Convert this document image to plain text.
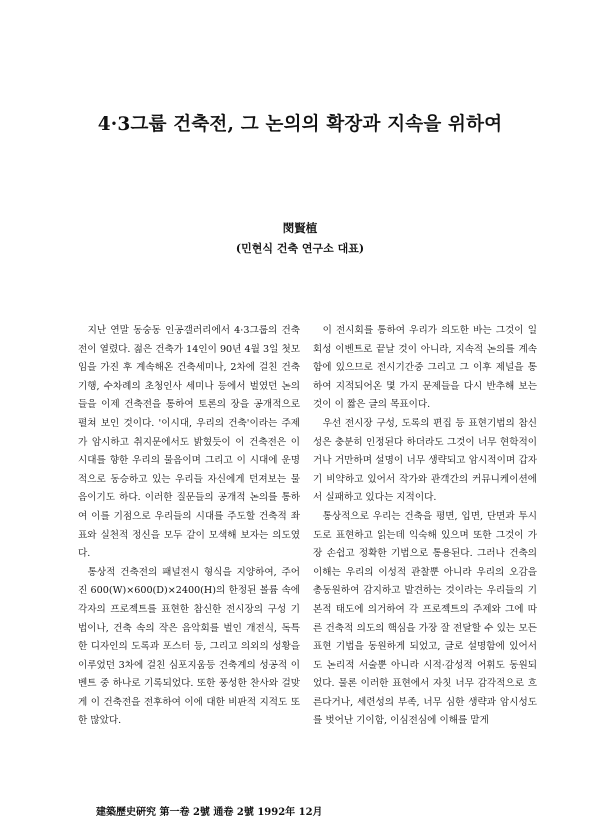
4·3그룹 건축전, 그 논의의 확장과 지속을 위하여
閔賢植
(민현식 건축 연구소 대표)

지난 연말 동숭동 인공갤러리에서 4·3그룹의 건축전이 열렸다. 젊은 건축가 14인이 90년 4월 3일 첫모임을 가진 후 계속해온 건축세미나, 2차에 걸친 건축기행, 수차례의 초청인사 세미나 등에서 벌였던 논의들을 이제 건축전을 통하여 토론의 장을 공개적으로 펼쳐 보인 것이다. '이시대, 우리의 건축'이라는 주제가 암시하고 취지문에서도 밝혔듯이 이 건축전은 이시대를 향한 우리의 물음이며 그리고 이 시대에 운명적으로 동승하고 있는 우리들 자신에게 던져보는 물음이기도 하다. 이러한 질문들의 공개적 논의를 통하여 이를 기점으로 우리들의 시대를 주도할 건축적 좌표와 실천적 정신을 모두 같이 모색해 보자는 의도였다.

통상적 건축전의 패널전시 형식을 지양하여, 주어진 600(W)×600(D)×2400(H)의 한정된 볼륨 속에 각자의 프로젝트를 표현한 참신한 전시장의 구성 기법이나, 건축 속의 작은 음악회를 벌인 개전식, 독특한 디자인의 도록과 포스터 등, 그리고 의외의 성황을 이루었던 3차에 걸친 심포지움등 건축계의 성공적 이벤트 중 하나로 기록되었다. 또한 풍성한 찬사와 걸맞게 이 건축전을 전후하여 이에 대한 비판적 지적도 또한 많았다.

이 전시회를 통하여 우리가 의도한 바는 그것이 일회성 이벤트로 끝날 것이 아니라, 지속적 논의를 계속함에 있으므로 전시기간중 그리고 그 이후 제널을 통하여 지적되어온 몇 가지 문제들을 다시 반추해 보는 것이 이 짧은 글의 목표이다.

우선 전시장 구성, 도록의 편집 등 표현기법의 참신성은 충분히 인정된다 하더라도 그것이 너무 현학적이거나 거만하며 설명이 너무 생략되고 암시적이며 갑자기 비약하고 있어서 작가와 관객간의 커뮤니케이션에서 실패하고 있다는 지적이다.

통상적으로 우리는 건축을 평면, 입면, 단면과 투시도로 표현하고 읽는데 익숙해 있으며 또한 그것이 가장 손쉽고 정확한 기법으로 통용된다. 그러나 건축의 이해는 우리의 이성적 관찰뿐 아니라 우리의 오감을 총동원하여 감지하고 발견하는 것이라는 우리들의 기본적 태도에 의거하여 각 프로젝트의 주제와 그에 따른 건축적 의도의 핵심을 가장 잘 전달할 수 있는 모든 표현 기법을 동원하게 되었고, 글로 설명함에 있어서도 논리적 서술뿐 아니라 시적·감성적 어휘도 동원되었다. 물론 이러한 표현에서 자칫 너무 감각적으로 흐른다거나, 세련성의 부족, 너무 심한 생략과 암시성도를 벗어난 기이함, 이심전심에 이해를 맡게

建築歷史硏究 第一卷 2號 通卷 2號 1992年 12月
